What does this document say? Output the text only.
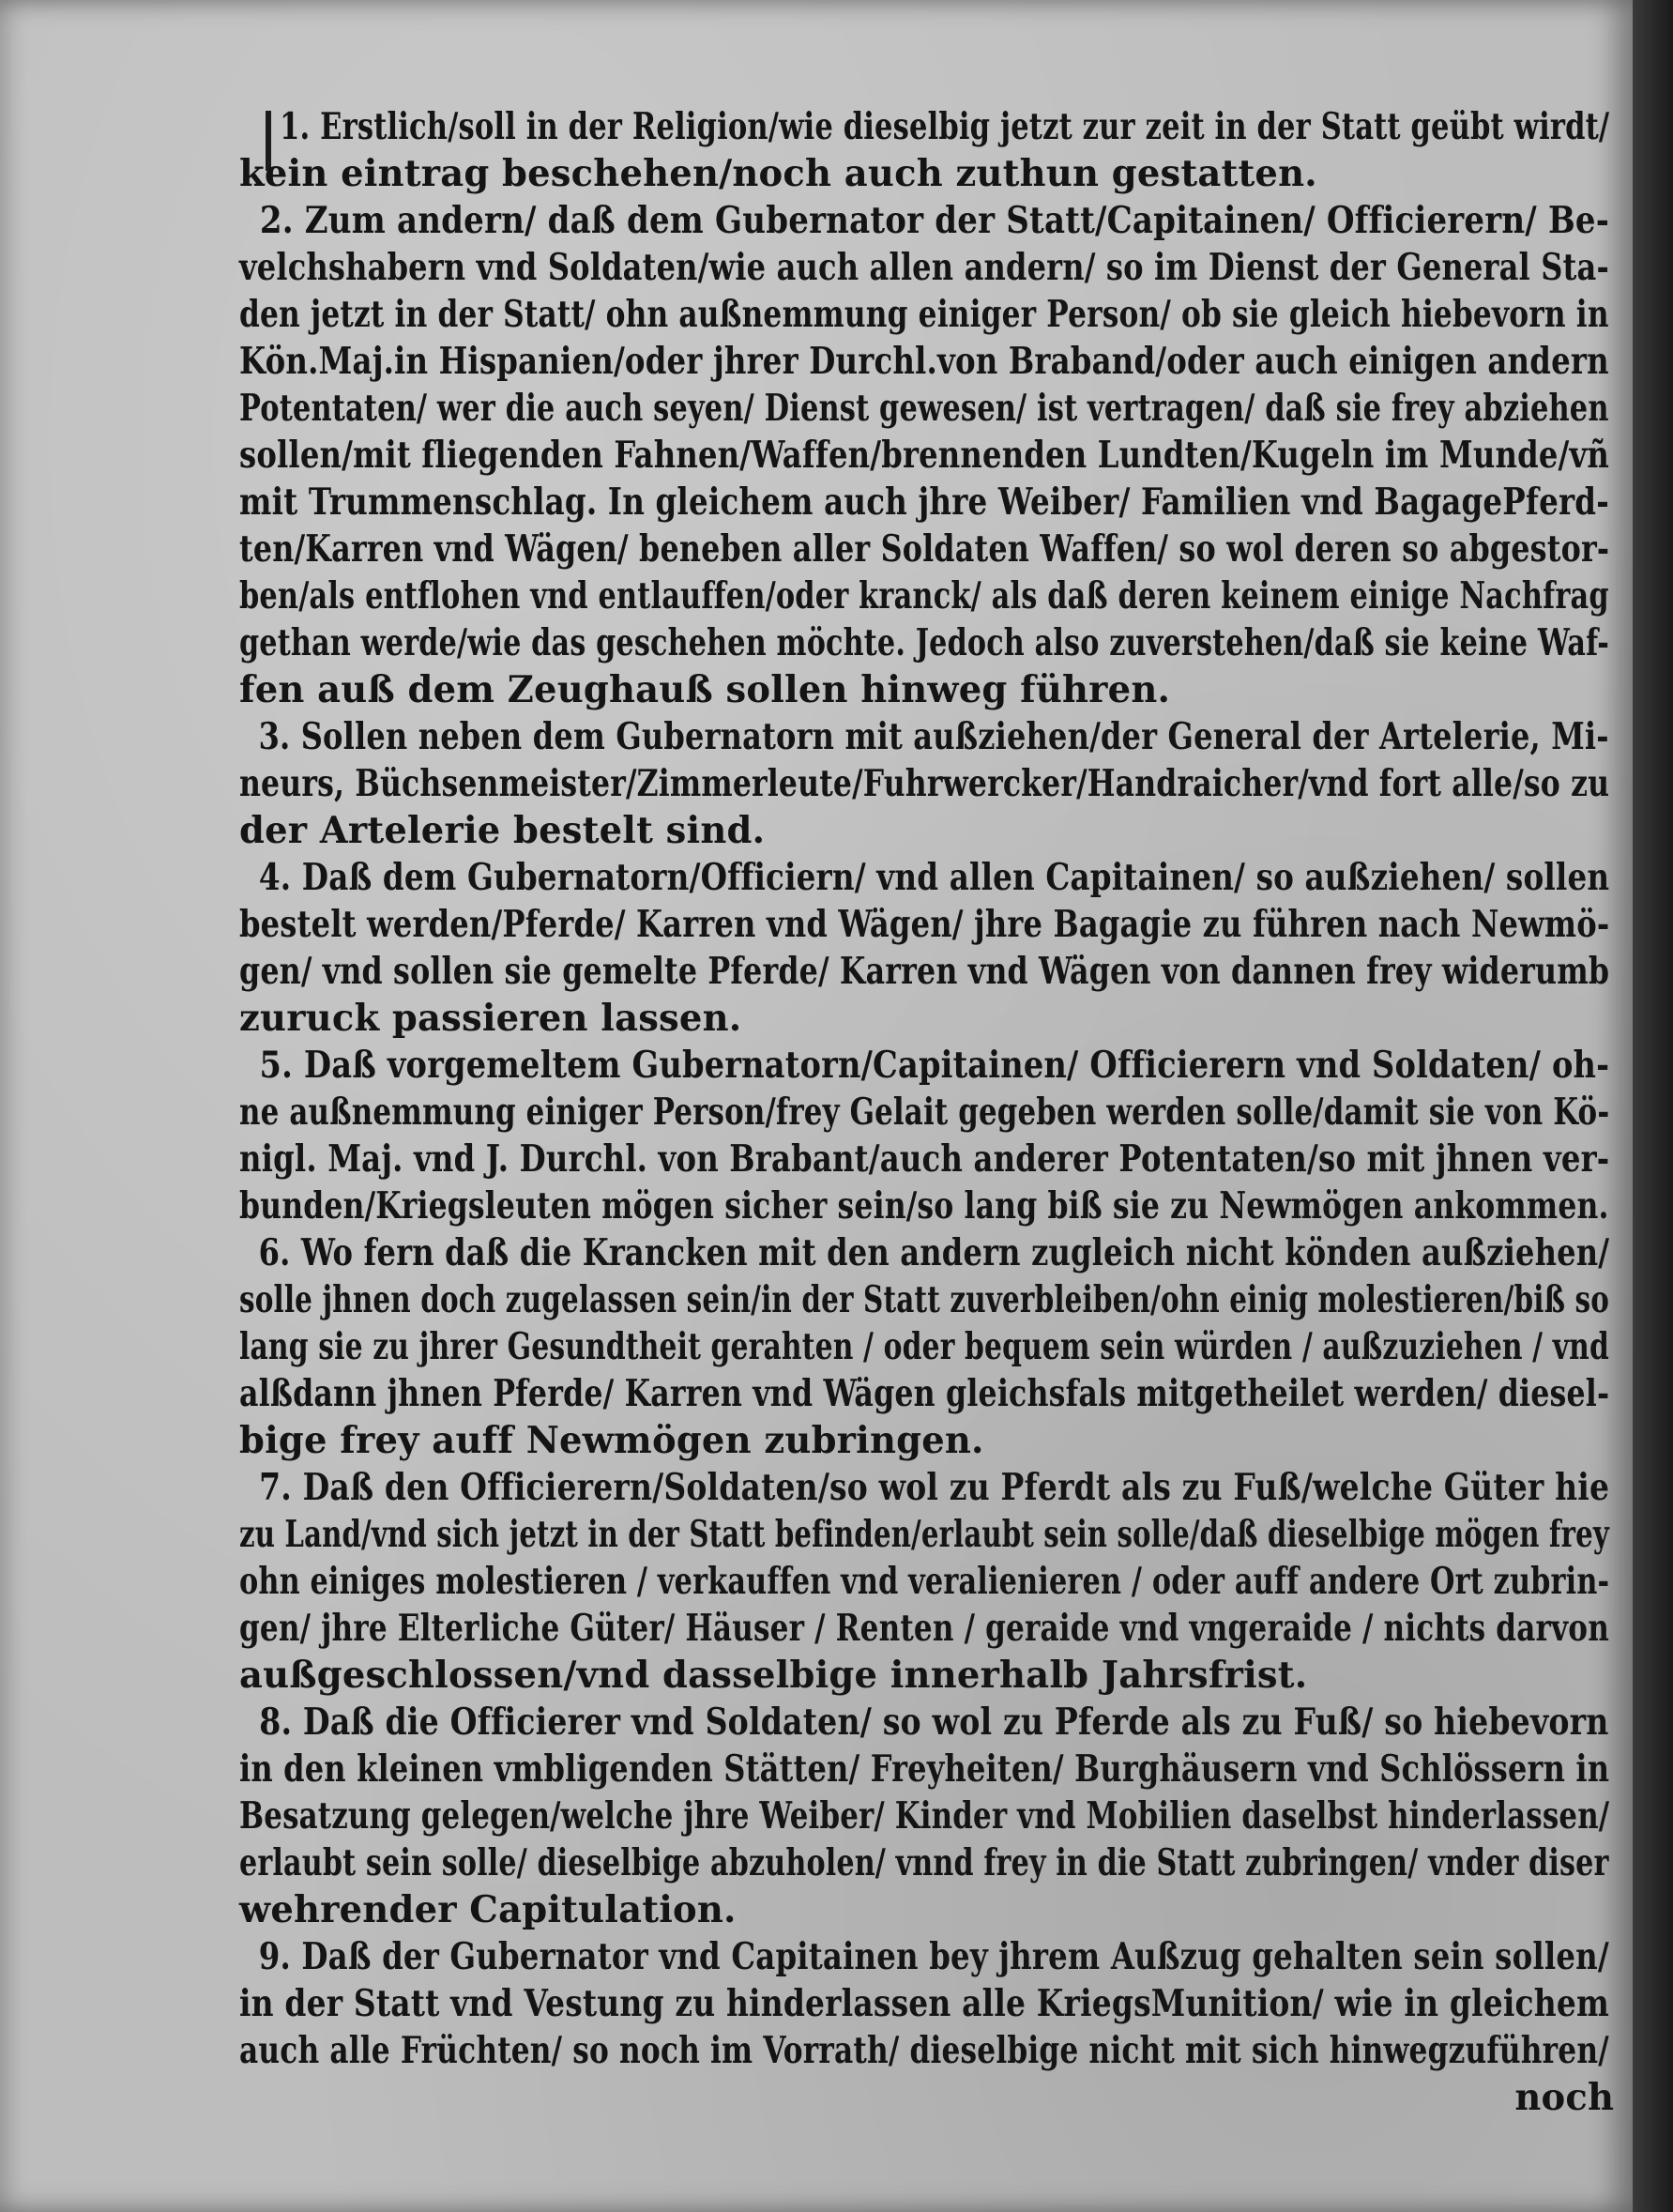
1. Erstlich/soll in der Religion/wie dieselbig jetzt zur zeit in der Statt geübt wirdt/
kein eintrag beschehen/noch auch zuthun gestatten.
2. Zum andern/ daß dem Gubernator der Statt/Capitainen/ Officierern/ Be-
velchshabern vnd Soldaten/wie auch allen andern/ so im Dienst der General Sta-
den jetzt in der Statt/ ohn außnemmung einiger Person/ ob sie gleich hiebevorn in
Kön.Maj.in Hispanien/oder jhrer Durchl.von Braband/oder auch einigen andern
Potentaten/ wer die auch seyen/ Dienst gewesen/ ist vertragen/ daß sie frey abziehen
sollen/mit fliegenden Fahnen/Waffen/brennenden Lundten/Kugeln im Munde/vñ
mit Trummenschlag. In gleichem auch jhre Weiber/ Familien vnd BagagePferd-
ten/Karren vnd Wägen/ beneben aller Soldaten Waffen/ so wol deren so abgestor-
ben/als entflohen vnd entlauffen/oder kranck/ als daß deren keinem einige Nachfrag
gethan werde/wie das geschehen möchte. Jedoch also zuverstehen/daß sie keine Waf-
fen auß dem Zeughauß sollen hinweg führen.
3. Sollen neben dem Gubernatorn mit außziehen/der General der Artelerie, Mi-
neurs, Büchsenmeister/Zimmerleute/Fuhrwercker/Handraicher/vnd fort alle/so zu
der Artelerie bestelt sind.
4. Daß dem Gubernatorn/Officiern/ vnd allen Capitainen/ so außziehen/ sollen
bestelt werden/Pferde/ Karren vnd Wägen/ jhre Bagagie zu führen nach Newmö-
gen/ vnd sollen sie gemelte Pferde/ Karren vnd Wägen von dannen frey widerumb
zuruck passieren lassen.
5. Daß vorgemeltem Gubernatorn/Capitainen/ Officierern vnd Soldaten/ oh-
ne außnemmung einiger Person/frey Gelait gegeben werden solle/damit sie von Kö-
nigl. Maj. vnd J. Durchl. von Brabant/auch anderer Potentaten/so mit jhnen ver-
bunden/Kriegsleuten mögen sicher sein/so lang biß sie zu Newmögen ankommen.
6. Wo fern daß die Krancken mit den andern zugleich nicht könden außziehen/
solle jhnen doch zugelassen sein/in der Statt zuverbleiben/ohn einig molestieren/biß so
lang sie zu jhrer Gesundtheit gerahten / oder bequem sein würden / außzuziehen / vnd
alßdann jhnen Pferde/ Karren vnd Wägen gleichsfals mitgetheilet werden/ diesel-
bige frey auff Newmögen zubringen.
7. Daß den Officierern/Soldaten/so wol zu Pferdt als zu Fuß/welche Güter hie
zu Land/vnd sich jetzt in der Statt befinden/erlaubt sein solle/daß dieselbige mögen frey
ohn einiges molestieren / verkauffen vnd veralienieren / oder auff andere Ort zubrin-
gen/ jhre Elterliche Güter/ Häuser / Renten / geraide vnd vngeraide / nichts darvon
außgeschlossen/vnd dasselbige innerhalb Jahrsfrist.
8. Daß die Officierer vnd Soldaten/ so wol zu Pferde als zu Fuß/ so hiebevorn
in den kleinen vmbligenden Stätten/ Freyheiten/ Burghäusern vnd Schlössern in
Besatzung gelegen/welche jhre Weiber/ Kinder vnd Mobilien daselbst hinderlassen/
erlaubt sein solle/ dieselbige abzuholen/ vnnd frey in die Statt zubringen/ vnder diser
wehrender Capitulation.
9. Daß der Gubernator vnd Capitainen bey jhrem Außzug gehalten sein sollen/
in der Statt vnd Vestung zu hinderlassen alle KriegsMunition/ wie in gleichem
auch alle Früchten/ so noch im Vorrath/ dieselbige nicht mit sich hinwegzuführen/
noch
